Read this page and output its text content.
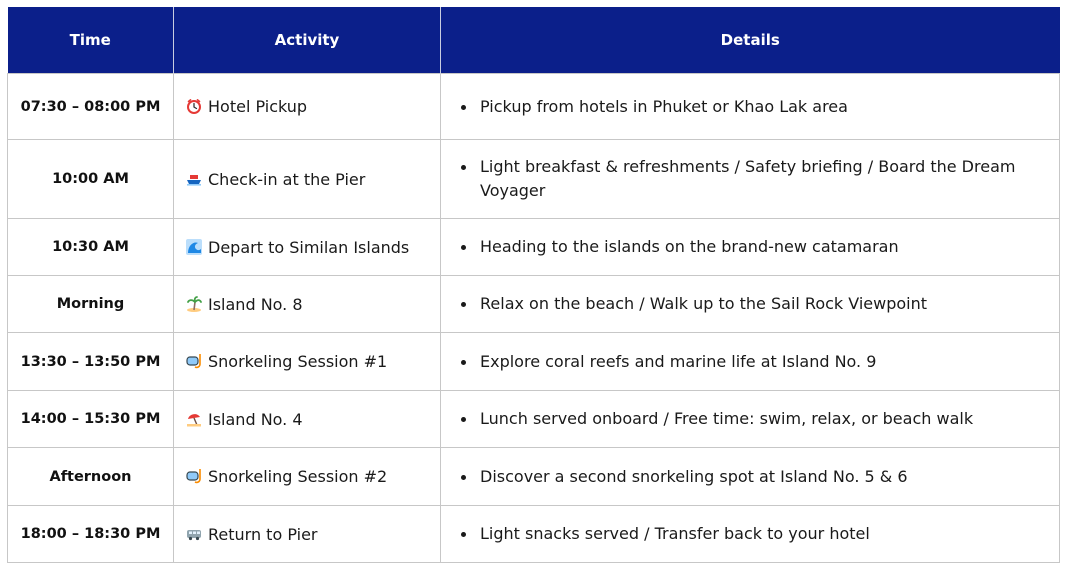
Time	Activity	Details
07:30 – 08:00 PM	Hotel Pickup	Pickup from hotels in Phuket or Khao Lak area

10:00 AM	Check-in at the Pier	Light breakfast & refreshments / Safety briefing / Board the Dream Voyager

10:30 AM	Depart to Similan Islands	Heading to the islands on the brand-new catamaran

Morning	Island No. 8	Relax on the beach / Walk up to the Sail Rock Viewpoint

13:30 – 13:50 PM	Snorkeling Session #1	Explore coral reefs and marine life at Island No. 9

14:00 – 15:30 PM	Island No. 4	Lunch served onboard / Free time: swim, relax, or beach walk

Afternoon	Snorkeling Session #2	Discover a second snorkeling spot at Island No. 5 & 6

18:00 – 18:30 PM	Return to Pier	Light snacks served / Transfer back to your hotel
